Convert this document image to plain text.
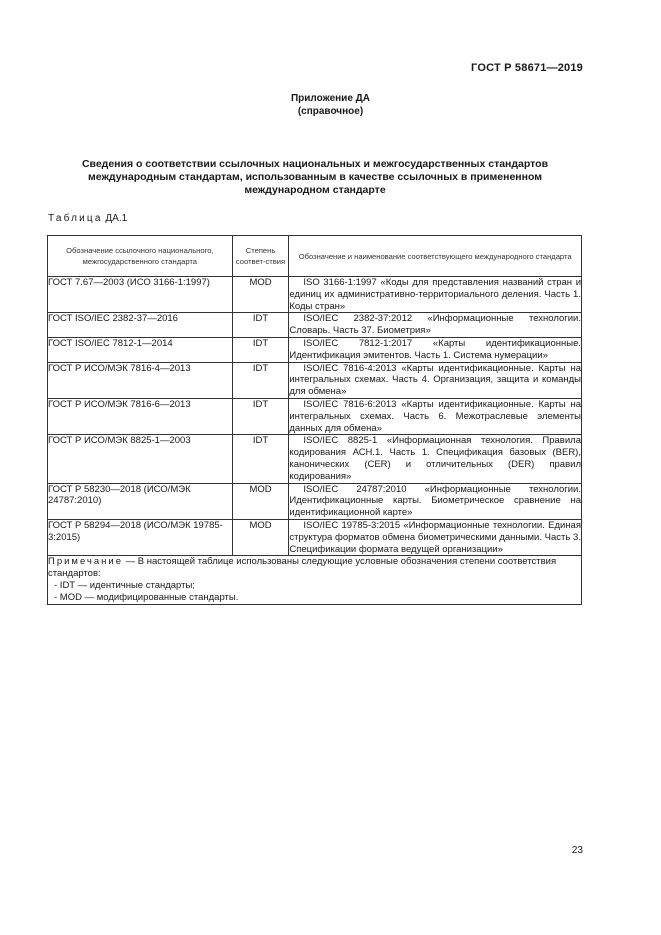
ГОСТ Р 58671—2019
Приложение ДА
(справочное)
Сведения о соответствии ссылочных национальных и межгосударственных стандартов
международным стандартам, использованным в качестве ссылочных в примененном
международном стандарте
Таблица ДА.1
Обозначение ссылочного национального, межгосударственного стандарта	Степень соответ-ствия	Обозначение и наименование соответствующего международного стандарта
ГОСТ 7.67—2003 (ИСО 3166-1:1997)	MOD	ISO 3166-1:1997 «Коды для представления названий стран и единиц их административно-территориального деления. Часть 1. Коды стран»

ГОСТ ISO/IEC 2382-37—2016	IDT	ISO/IEC 2382-37:2012 «Информационные технологии. Словарь. Часть 37. Биометрия»

ГОСТ ISO/IEC 7812-1—2014	IDT	ISO/IEC 7812-1:2017 «Карты идентификационные. Идентификация эмитентов. Часть 1. Система нумерации»

ГОСТ Р ИСО/МЭК 7816-4—2013	IDT	ISO/IEC 7816-4:2013 «Карты идентификационные. Карты на интегральных схемах. Часть 4. Организация, защита и команды для обмена»

ГОСТ Р ИСО/МЭК 7816-6—2013	IDT	ISO/IEC 7816-6:2013 «Карты идентификационные. Карты на интегральных схемах. Часть 6. Межотраслевые элементы данных для обмена»

ГОСТ Р ИСО/МЭК 8825-1—2003	IDT	ISO/IEC 8825-1 «Информационная технология. Правила кодирования АСН.1. Часть 1. Спецификация базовых (BER), канонических (CER) и отличительных (DER) правил кодирования»

ГОСТ Р 58230—2018 (ИСО/МЭК 24787:2010)	MOD	ISO/IEC 24787:2010 «Информационные технологии. Идентификационные карты. Биометрическое сравнение на идентификационной карте»

ГОСТ Р 58294—2018 (ИСО/МЭК 19785-3:2015)	MOD	ISO/IEC 19785-3:2015 «Информационные технологии. Единая структура форматов обмена биометрическими данными. Часть 3. Спецификации формата ведущей организации»

Примечание — В настоящей таблице использованы следующие условные обозначения степени соответствия стандартов:
- IDT — идентичные стандарты;
- MOD — модифицированные стандарты.		
23
